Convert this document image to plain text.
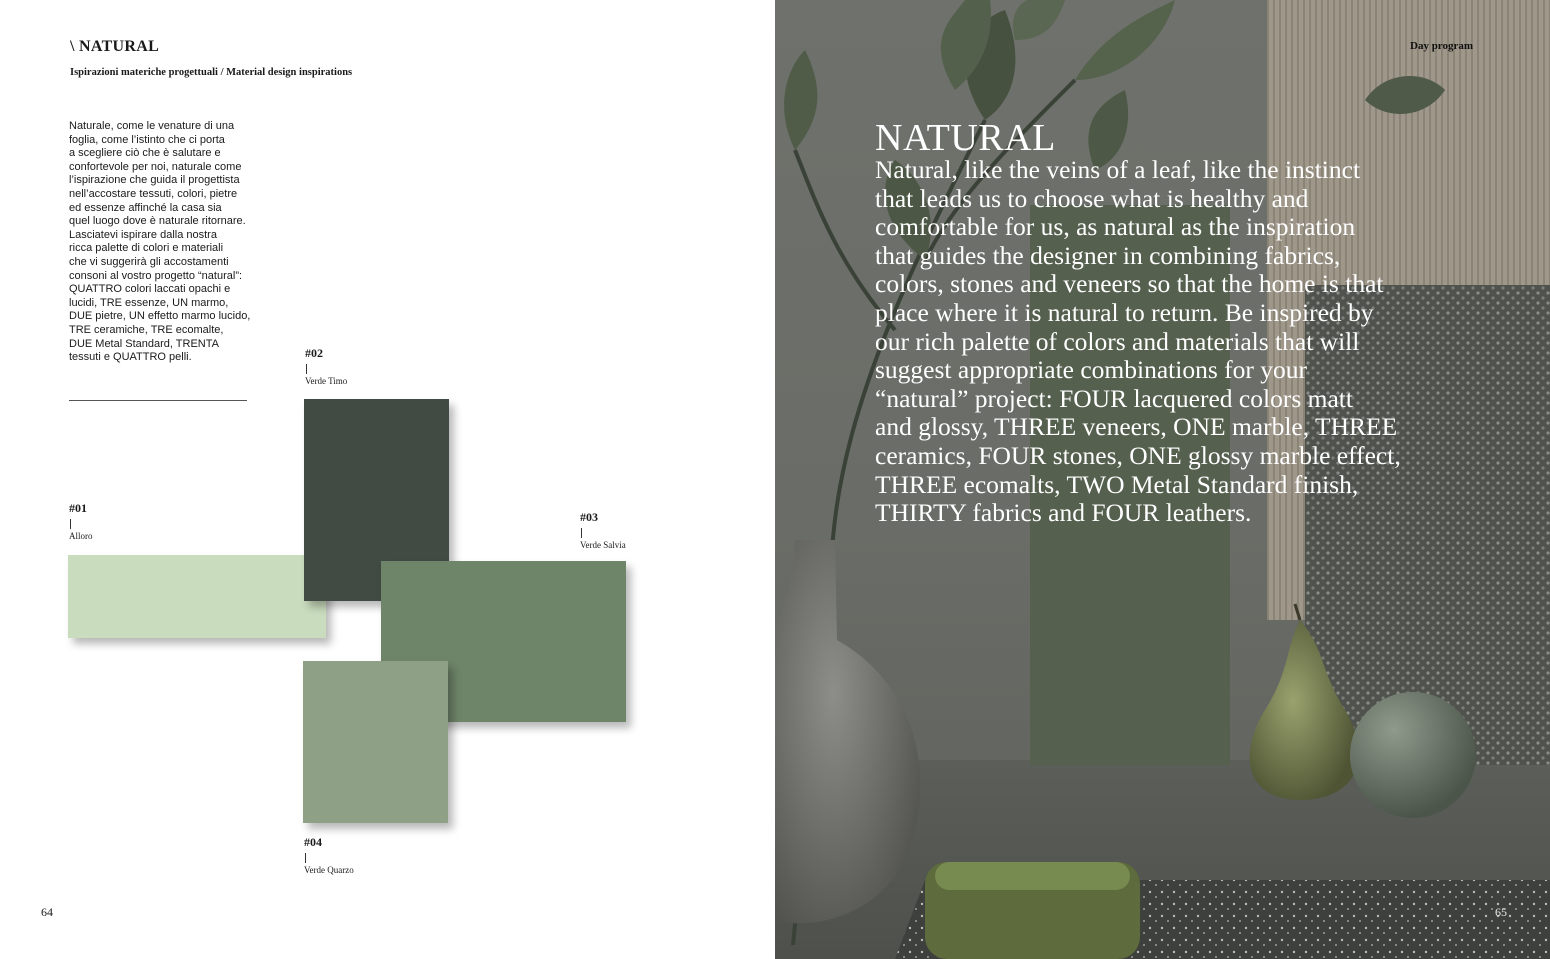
\ NATURAL
Ispirazioni materiche progettuali / Material design inspirations
Naturale, come le venature di una
foglia, come l’istinto che ci porta
a scegliere ciò che è salutare e
confortevole per noi, naturale come
l’ispirazione che guida il progettista
nell’accostare tessuti, colori, pietre
ed essenze affinché la casa sia
quel luogo dove è naturale ritornare.
Lasciatevi ispirare dalla nostra
ricca palette di colori e materiali
che vi suggerirà gli accostamenti
consoni al vostro progetto “natural”:
QUATTRO colori laccati opachi e
lucidi, TRE essenze, UN marmo,
DUE pietre, UN effetto marmo lucido,
TRE ceramiche, TRE ecomalte,
DUE Metal Standard, TRENTA
tessuti e QUATTRO pelli.
#01
Alloro
#02
Verde Timo
#03
Verde Salvia
#04
Verde Quarzo
64
Day program
NATURAL
Natural, like the veins of a leaf, like the instinct
that leads us to choose what is healthy and
comfortable for us, as natural as the inspiration
that guides the designer in combining fabrics,
colors, stones and veneers so that the home is that
place where it is natural to return. Be inspired by
our rich palette of colors and materials that will
suggest appropriate combinations for your
“natural” project: FOUR lacquered colors matt
and glossy, THREE veneers, ONE marble, THREE
ceramics, FOUR stones, ONE glossy marble effect,
THREE ecomalts, TWO Metal Standard finish,
THIRTY fabrics and FOUR leathers.
65
